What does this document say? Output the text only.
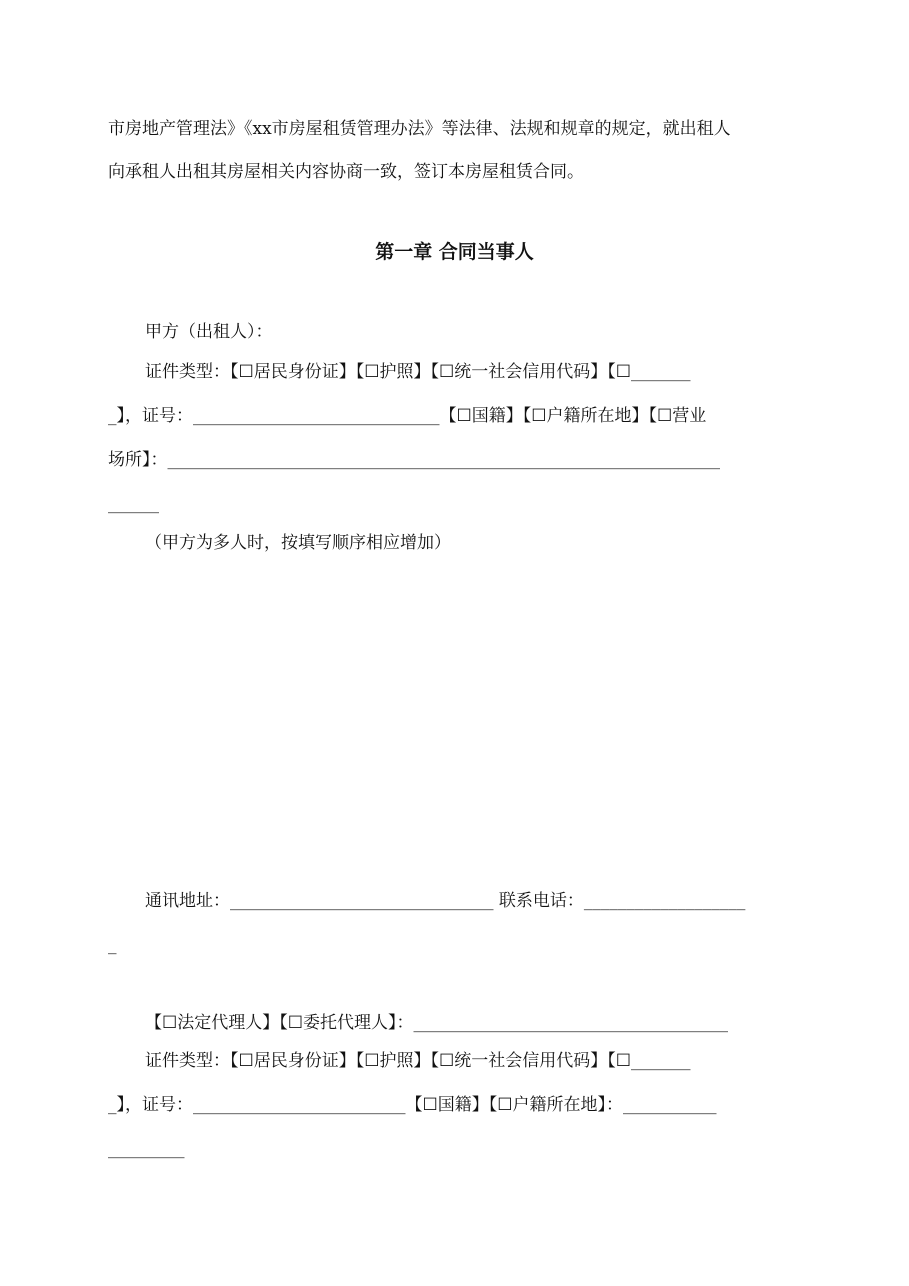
市房地产管理法》《xx市房屋租赁管理办法》等法律、法规和规章的规定，就出租人
向承租人出租其房屋相关内容协商一致，签订本房屋租赁合同。
第一章 合同当事人
甲方（出租人）：
证件类型：【☐居民身份证】【☐护照】【☐统一社会信用代码】【☐_______
_】，证号：_____________________________【☐国籍】【☐户籍所在地】【☐营业
场所】：_________________________________________________________________
______
（甲方为多人时，按填写顺序相应增加）
通讯地址：_______________________________ 联系电话：___________________
_
【☐法定代理人】【☐委托代理人】：_____________________________________
证件类型：【☐居民身份证】【☐护照】【☐统一社会信用代码】【☐_______
_】，证号：_________________________【☐国籍】【☐户籍所在地】：___________
_________
